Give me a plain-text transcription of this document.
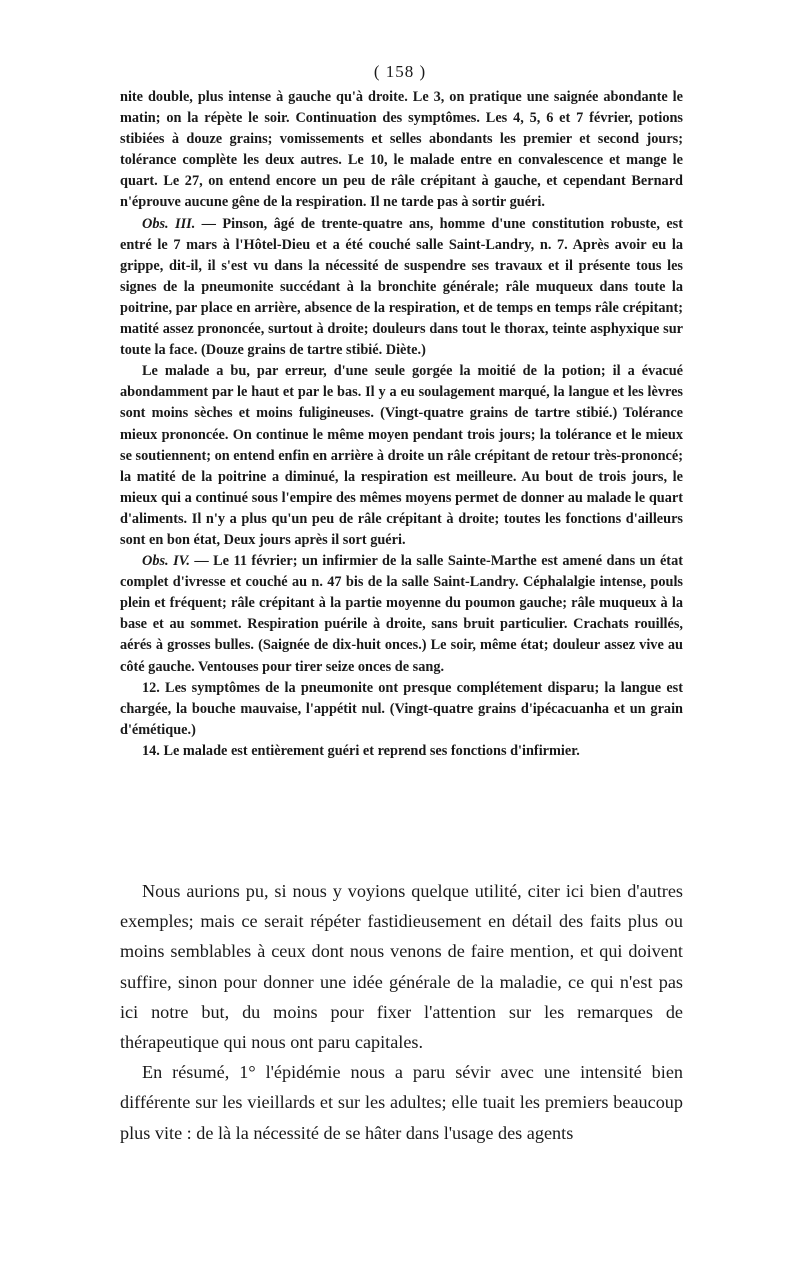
( 158 )

nite double, plus intense à gauche qu'à droite. Le 3, on pratique une saignée abondante le matin; on la répète le soir. Continuation des symptômes. Les 4, 5, 6 et 7 février, potions stibiées à douze grains; vomissements et selles abondants les premier et second jours; tolérance complète les deux autres. Le 10, le malade entre en convalescence et mange le quart. Le 27, on entend encore un peu de râle crépitant à gauche, et cependant Bernard n'éprouve aucune gêne de la respiration. Il ne tarde pas à sortir guéri.

Obs. III. — Pinson, âgé de trente-quatre ans, homme d'une constitution robuste, est entré le 7 mars à l'Hôtel-Dieu et a été couché salle Saint-Landry, n. 7. Après avoir eu la grippe, dit-il, il s'est vu dans la nécessité de suspendre ses travaux et il présente tous les signes de la pneumonite succédant à la bronchite générale; râle muqueux dans toute la poitrine, par place en arrière, absence de la respiration, et de temps en temps râle crépitant; matité assez prononcée, surtout à droite; douleurs dans tout le thorax, teinte asphyxique sur toute la face. (Douze grains de tartre stibié. Diète.)

Le malade a bu, par erreur, d'une seule gorgée la moitié de la potion; il a évacué abondamment par le haut et par le bas. Il y a eu soulagement marqué, la langue et les lèvres sont moins sèches et moins fuligineuses. (Vingt-quatre grains de tartre stibié.) Tolérance mieux prononcée. On continue le même moyen pendant trois jours; la tolérance et le mieux se soutiennent; on entend enfin en arrière à droite un râle crépitant de retour très-prononcé; la matité de la poitrine a diminué, la respiration est meilleure. Au bout de trois jours, le mieux qui a continué sous l'empire des mêmes moyens permet de donner au malade le quart d'aliments. Il n'y a plus qu'un peu de râle crépitant à droite; toutes les fonctions d'ailleurs sont en bon état, Deux jours après il sort guéri.

Obs. IV. — Le 11 février; un infirmier de la salle Sainte-Marthe est amené dans un état complet d'ivresse et couché au n. 47 bis de la salle Saint-Landry. Céphalalgie intense, pouls plein et fréquent; râle crépitant à la partie moyenne du poumon gauche; râle muqueux à la base et au sommet. Respiration puérile à droite, sans bruit particulier. Crachats rouillés, aérés à grosses bulles. (Saignée de dix-huit onces.) Le soir, même état; douleur assez vive au côté gauche. Ventouses pour tirer seize onces de sang.

12. Les symptômes de la pneumonite ont presque complétement disparu; la langue est chargée, la bouche mauvaise, l'appétit nul. (Vingt-quatre grains d'ipécacuanha et un grain d'émétique.)

14. Le malade est entièrement guéri et reprend ses fonctions d'infirmier.

Nous aurions pu, si nous y voyions quelque utilité, citer ici bien d'autres exemples; mais ce serait répéter fastidieusement en détail des faits plus ou moins semblables à ceux dont nous venons de faire mention, et qui doivent suffire, sinon pour donner une idée générale de la maladie, ce qui n'est pas ici notre but, du moins pour fixer l'attention sur les remarques de thérapeutique qui nous ont paru capitales.

En résumé, 1° l'épidémie nous a paru sévir avec une intensité bien différente sur les vieillards et sur les adultes; elle tuait les premiers beaucoup plus vite : de là la nécessité de se hâter dans l'usage des agents
